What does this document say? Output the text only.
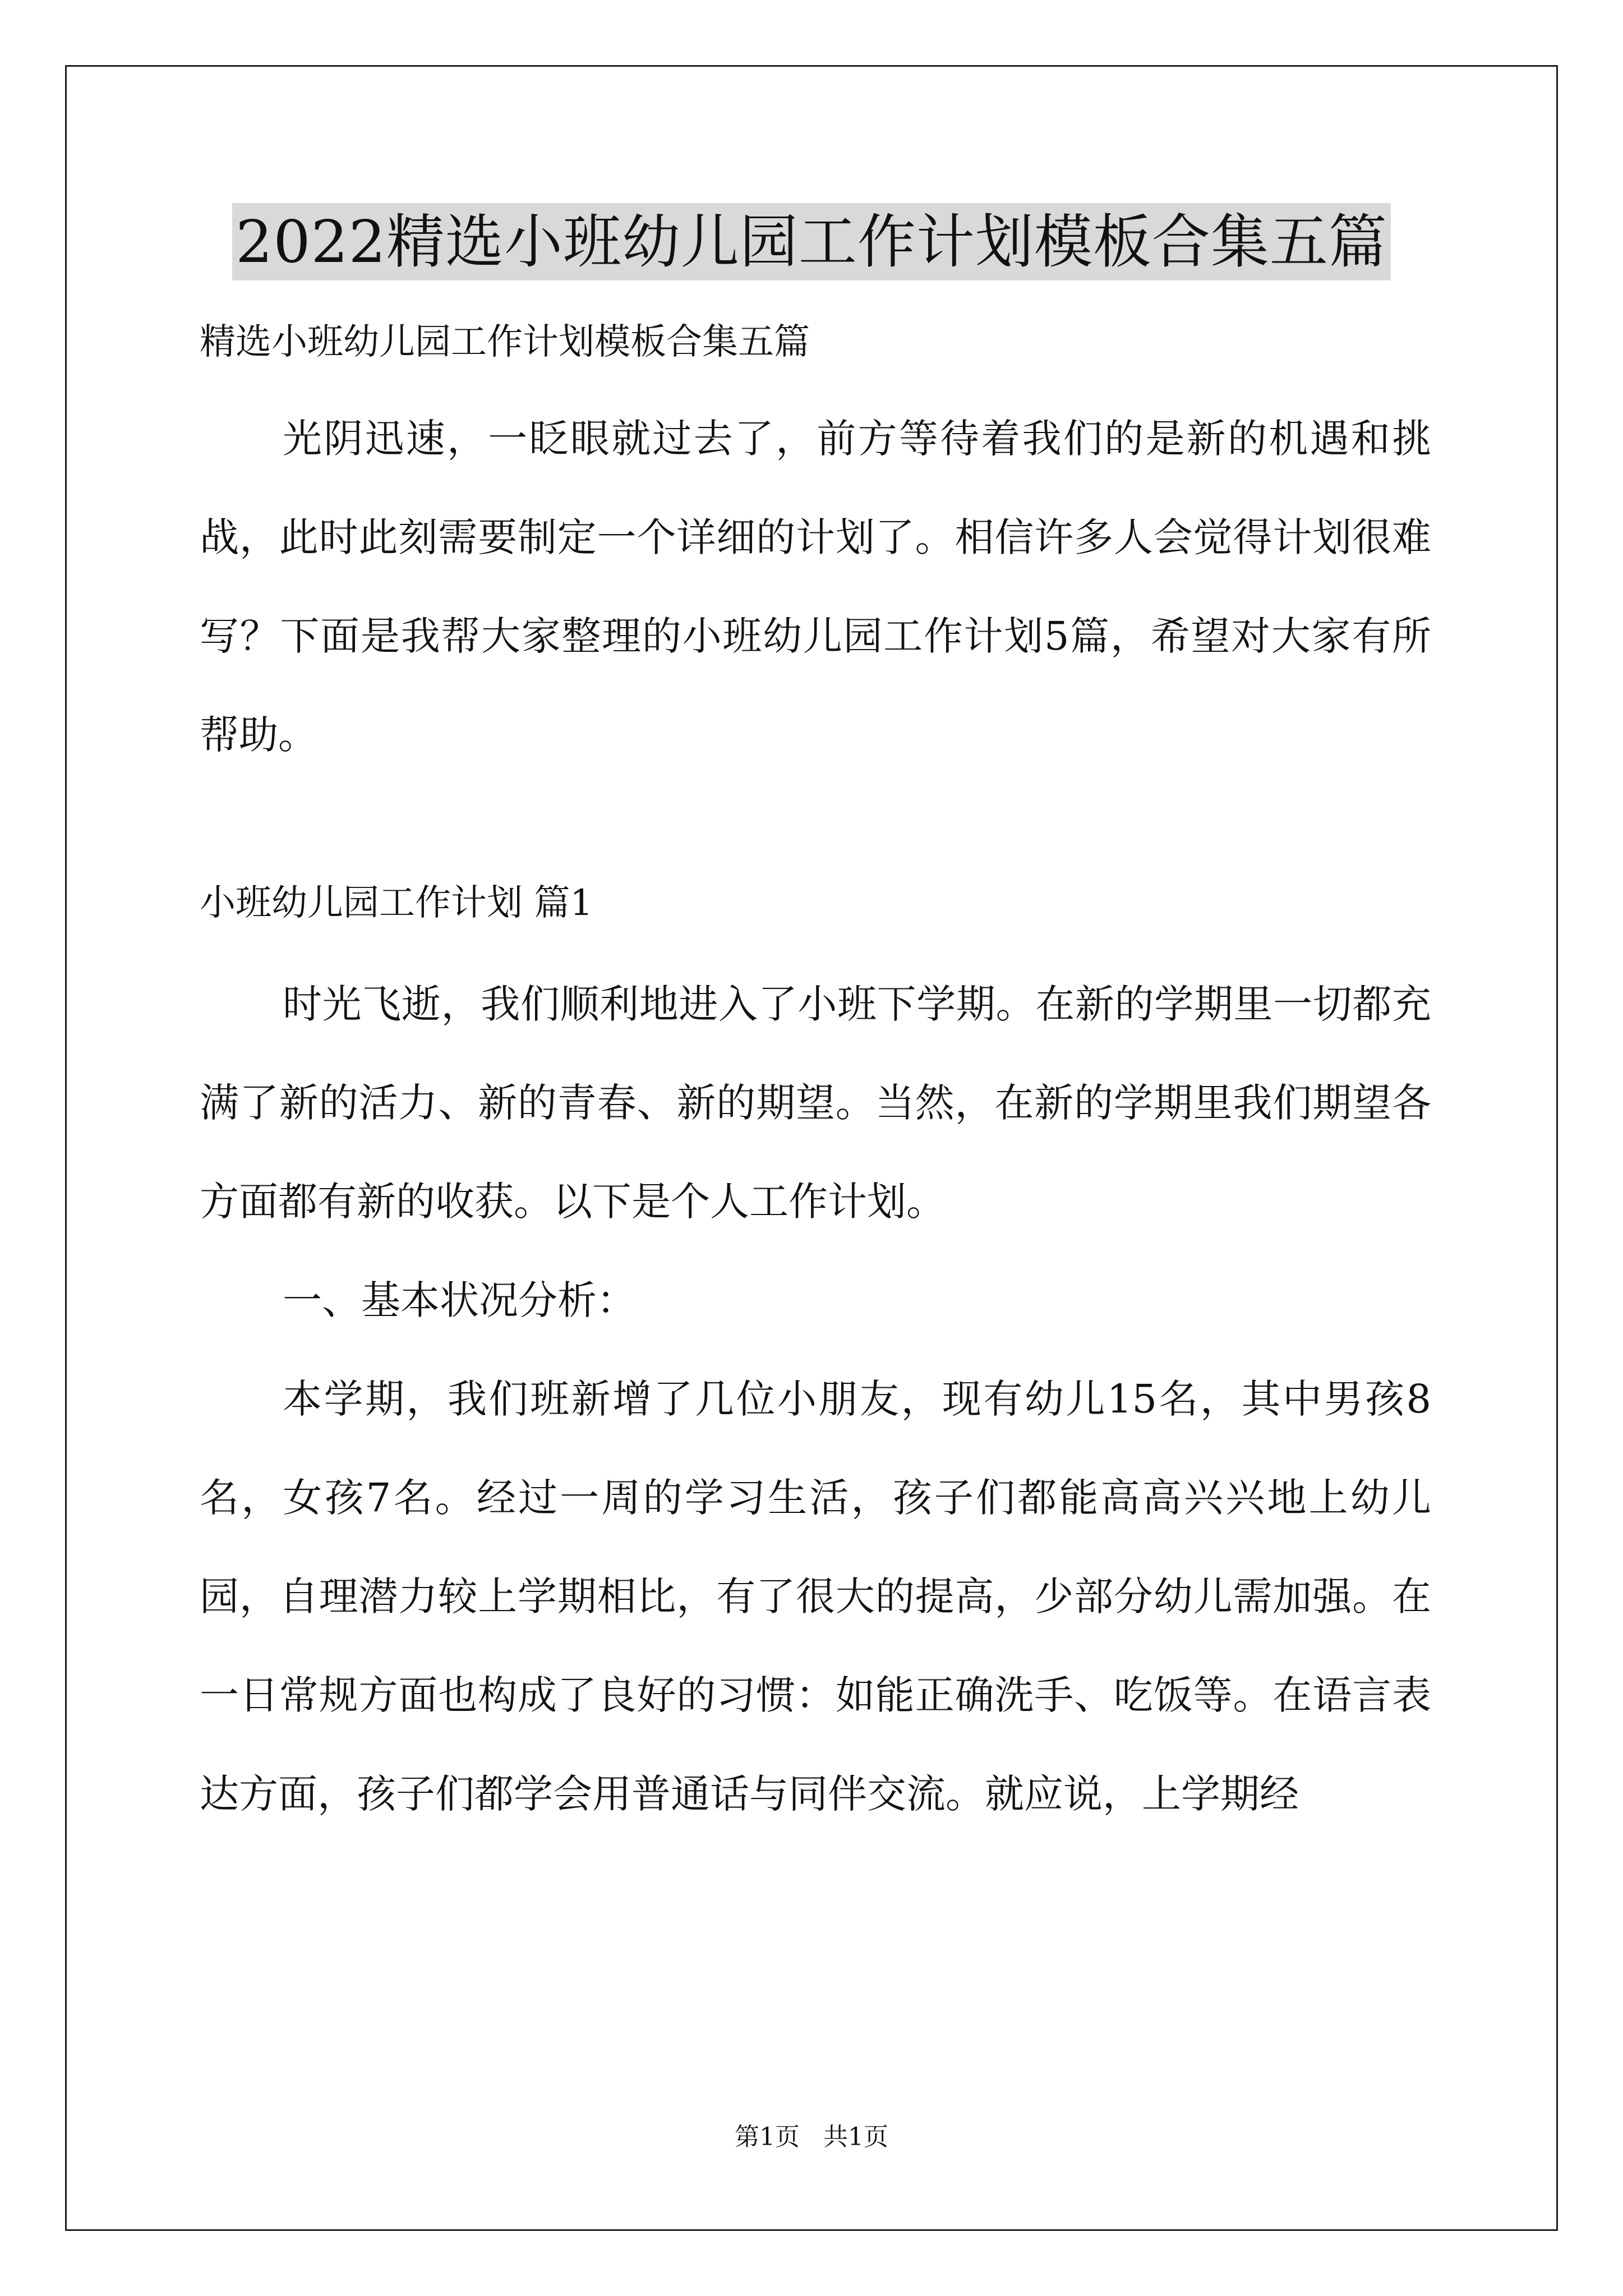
2022精选小班幼儿园工作计划模板合集五篇

精选小班幼儿园工作计划模板合集五篇

光阴迅速，一眨眼就过去了，前方等待着我们的是新的机遇和挑战，此时此刻需要制定一个详细的计划了。相信许多人会觉得计划很难写？下面是我帮大家整理的小班幼儿园工作计划5篇，希望对大家有所帮助。

小班幼儿园工作计划 篇1

时光飞逝，我们顺利地进入了小班下学期。在新的学期里一切都充满了新的活力、新的青春、新的期望。当然，在新的学期里我们期望各方面都有新的收获。以下是个人工作计划。

一、基本状况分析：

本学期，我们班新增了几位小朋友，现有幼儿15名，其中男孩8名，女孩7名。经过一周的学习生活，孩子们都能高高兴兴地上幼儿园，自理潜力较上学期相比，有了很大的提高，少部分幼儿需加强。在一日常规方面也构成了良好的习惯：如能正确洗手、吃饭等。在语言表达方面，孩子们都学会用普通话与同伴交流。就应说，上学期经

第1页   共1页
